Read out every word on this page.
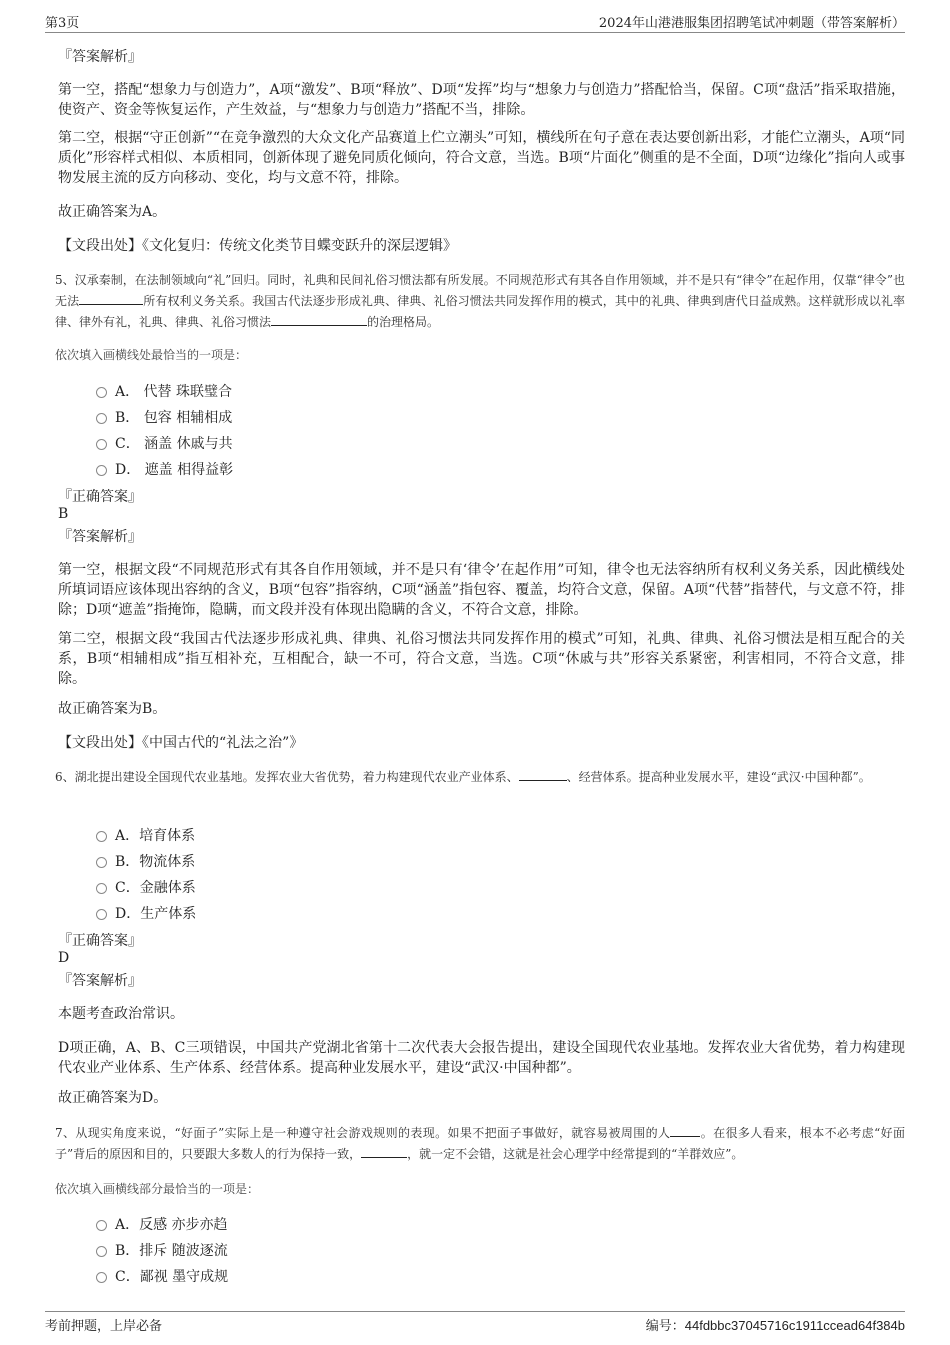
第3页	2024年山港港服集团招聘笔试冲刺题（带答案解析）
『答案解析』
第一空，搭配“想象力与创造力”，A项“激发”、B项“释放”、D项“发挥”均与“想象力与创造力”搭配恰当，保留。C项“盘活”指采取措施，使资产、资金等恢复运作，产生效益，与“想象力与创造力”搭配不当，排除。
第二空，根据“守正创新”“在竞争激烈的大众文化产品赛道上伫立潮头”可知，横线所在句子意在表达要创新出彩，才能伫立潮头，A项“同质化”形容样式相似、本质相同，创新体现了避免同质化倾向，符合文意，当选。B项“片面化”侧重的是不全面，D项“边缘化”指向人或事物发展主流的反方向移动、变化，均与文意不符，排除。
故正确答案为A。
【文段出处】《文化复归：传统文化类节目蝶变跃升的深层逻辑》
5、汉承秦制，在法制领域向“礼”回归。同时，礼典和民间礼俗习惯法都有所发展。不同规范形式有其各自作用领域，并不是只有“律令”在起作用，仅靠“律令”也无法	所有权利义务关系。我国古代法逐步形成礼典、律典、礼俗习惯法共同发挥作用的模式，其中的礼典、律典到唐代日益成熟。这样就形成以礼率律、律外有礼，礼典、律典、礼俗习惯法	的治理格局。
依次填入画横线处最恰当的一项是：
A． 代替 珠联璧合
B． 包容 相辅相成
C． 涵盖 休戚与共
D． 遮盖 相得益彰
『正确答案』
B
『答案解析』
第一空，根据文段“不同规范形式有其各自作用领域，并不是只有‘律令’在起作用”可知，律令也无法容纳所有权利义务关系，因此横线处所填词语应该体现出容纳的含义，B项“包容”指容纳，C项“涵盖”指包容、覆盖，均符合文意，保留。A项“代替”指替代，与文意不符，排除；D项“遮盖”指掩饰，隐瞒，而文段并没有体现出隐瞒的含义，不符合文意，排除。
第二空，根据文段“我国古代法逐步形成礼典、律典、礼俗习惯法共同发挥作用的模式”可知，礼典、律典、礼俗习惯法是相互配合的关系，B项“相辅相成”指互相补充，互相配合，缺一不可，符合文意，当选。C项“休戚与共”形容关系紧密，利害相同，不符合文意，排除。
故正确答案为B。
【文段出处】《中国古代的“礼法之治”》
6、湖北提出建设全国现代农业基地。发挥农业大省优势，着力构建现代农业产业体系、	、经营体系。提高种业发展水平，建设“武汉·中国种都”。
A．培育体系
B．物流体系
C．金融体系
D．生产体系
『正确答案』
D
『答案解析』
本题考查政治常识。
D项正确，A、B、C三项错误，中国共产党湖北省第十二次代表大会报告提出，建设全国现代农业基地。发挥农业大省优势，着力构建现代农业产业体系、生产体系、经营体系。提高种业发展水平，建设“武汉·中国种都”。
故正确答案为D。
7、从现实角度来说，“好面子”实际上是一种遵守社会游戏规则的表现。如果不把面子事做好，就容易被周围的人	。在很多人看来，根本不必考虑“好面子”背后的原因和目的，只要跟大多数人的行为保持一致，	，就一定不会错，这就是社会心理学中经常提到的“羊群效应”。
依次填入画横线部分最恰当的一项是：
A．反感 亦步亦趋
B．排斥 随波逐流
C．鄙视 墨守成规
考前押题，上岸必备	编号：44fdbbc37045716c1911ccead64f384b
